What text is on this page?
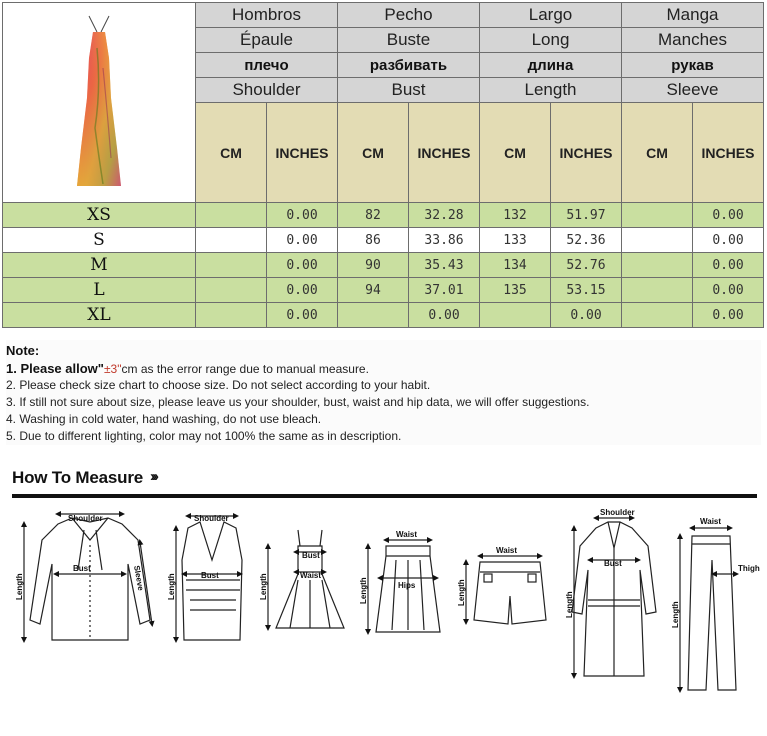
	Hombros		Pecho		Largo		Manga	
	Épaule		Buste		Long		Manches	
	плечо		разбивать		длина		рукав	
	Shoulder		Bust		Length		Sleeve	
	CM	INCHES	CM	INCHES	CM	INCHES	CM	INCHES
XS		0.00	82	32.28	132	51.97		0.00
S		0.00	86	33.86	133	52.36		0.00
M		0.00	90	35.43	134	52.76		0.00
L		0.00	94	37.01	135	53.15		0.00
XL		0.00		0.00		0.00		0.00
Note:
1. Please allow"±3"cm as the error range due to manual measure.
2. Please check size chart to choose size. Do not select according to your habit.
3. If still not sure about size, please leave us your shoulder, bust, waist and hip data, we will offer suggestions.
4. Washing in cold water, hand washing, do not use bleach.
5. Due to different lighting, color may not 100% the same as in description.
How To Measure ›››
Shoulder
Bust
Length	Sleeve
Shoulder
Bust
Length
Bust
Waist
Length
Waist
Hips
Length
Waist
Length
Shoulder
Bust
Length
Waist
Thigh
Length
